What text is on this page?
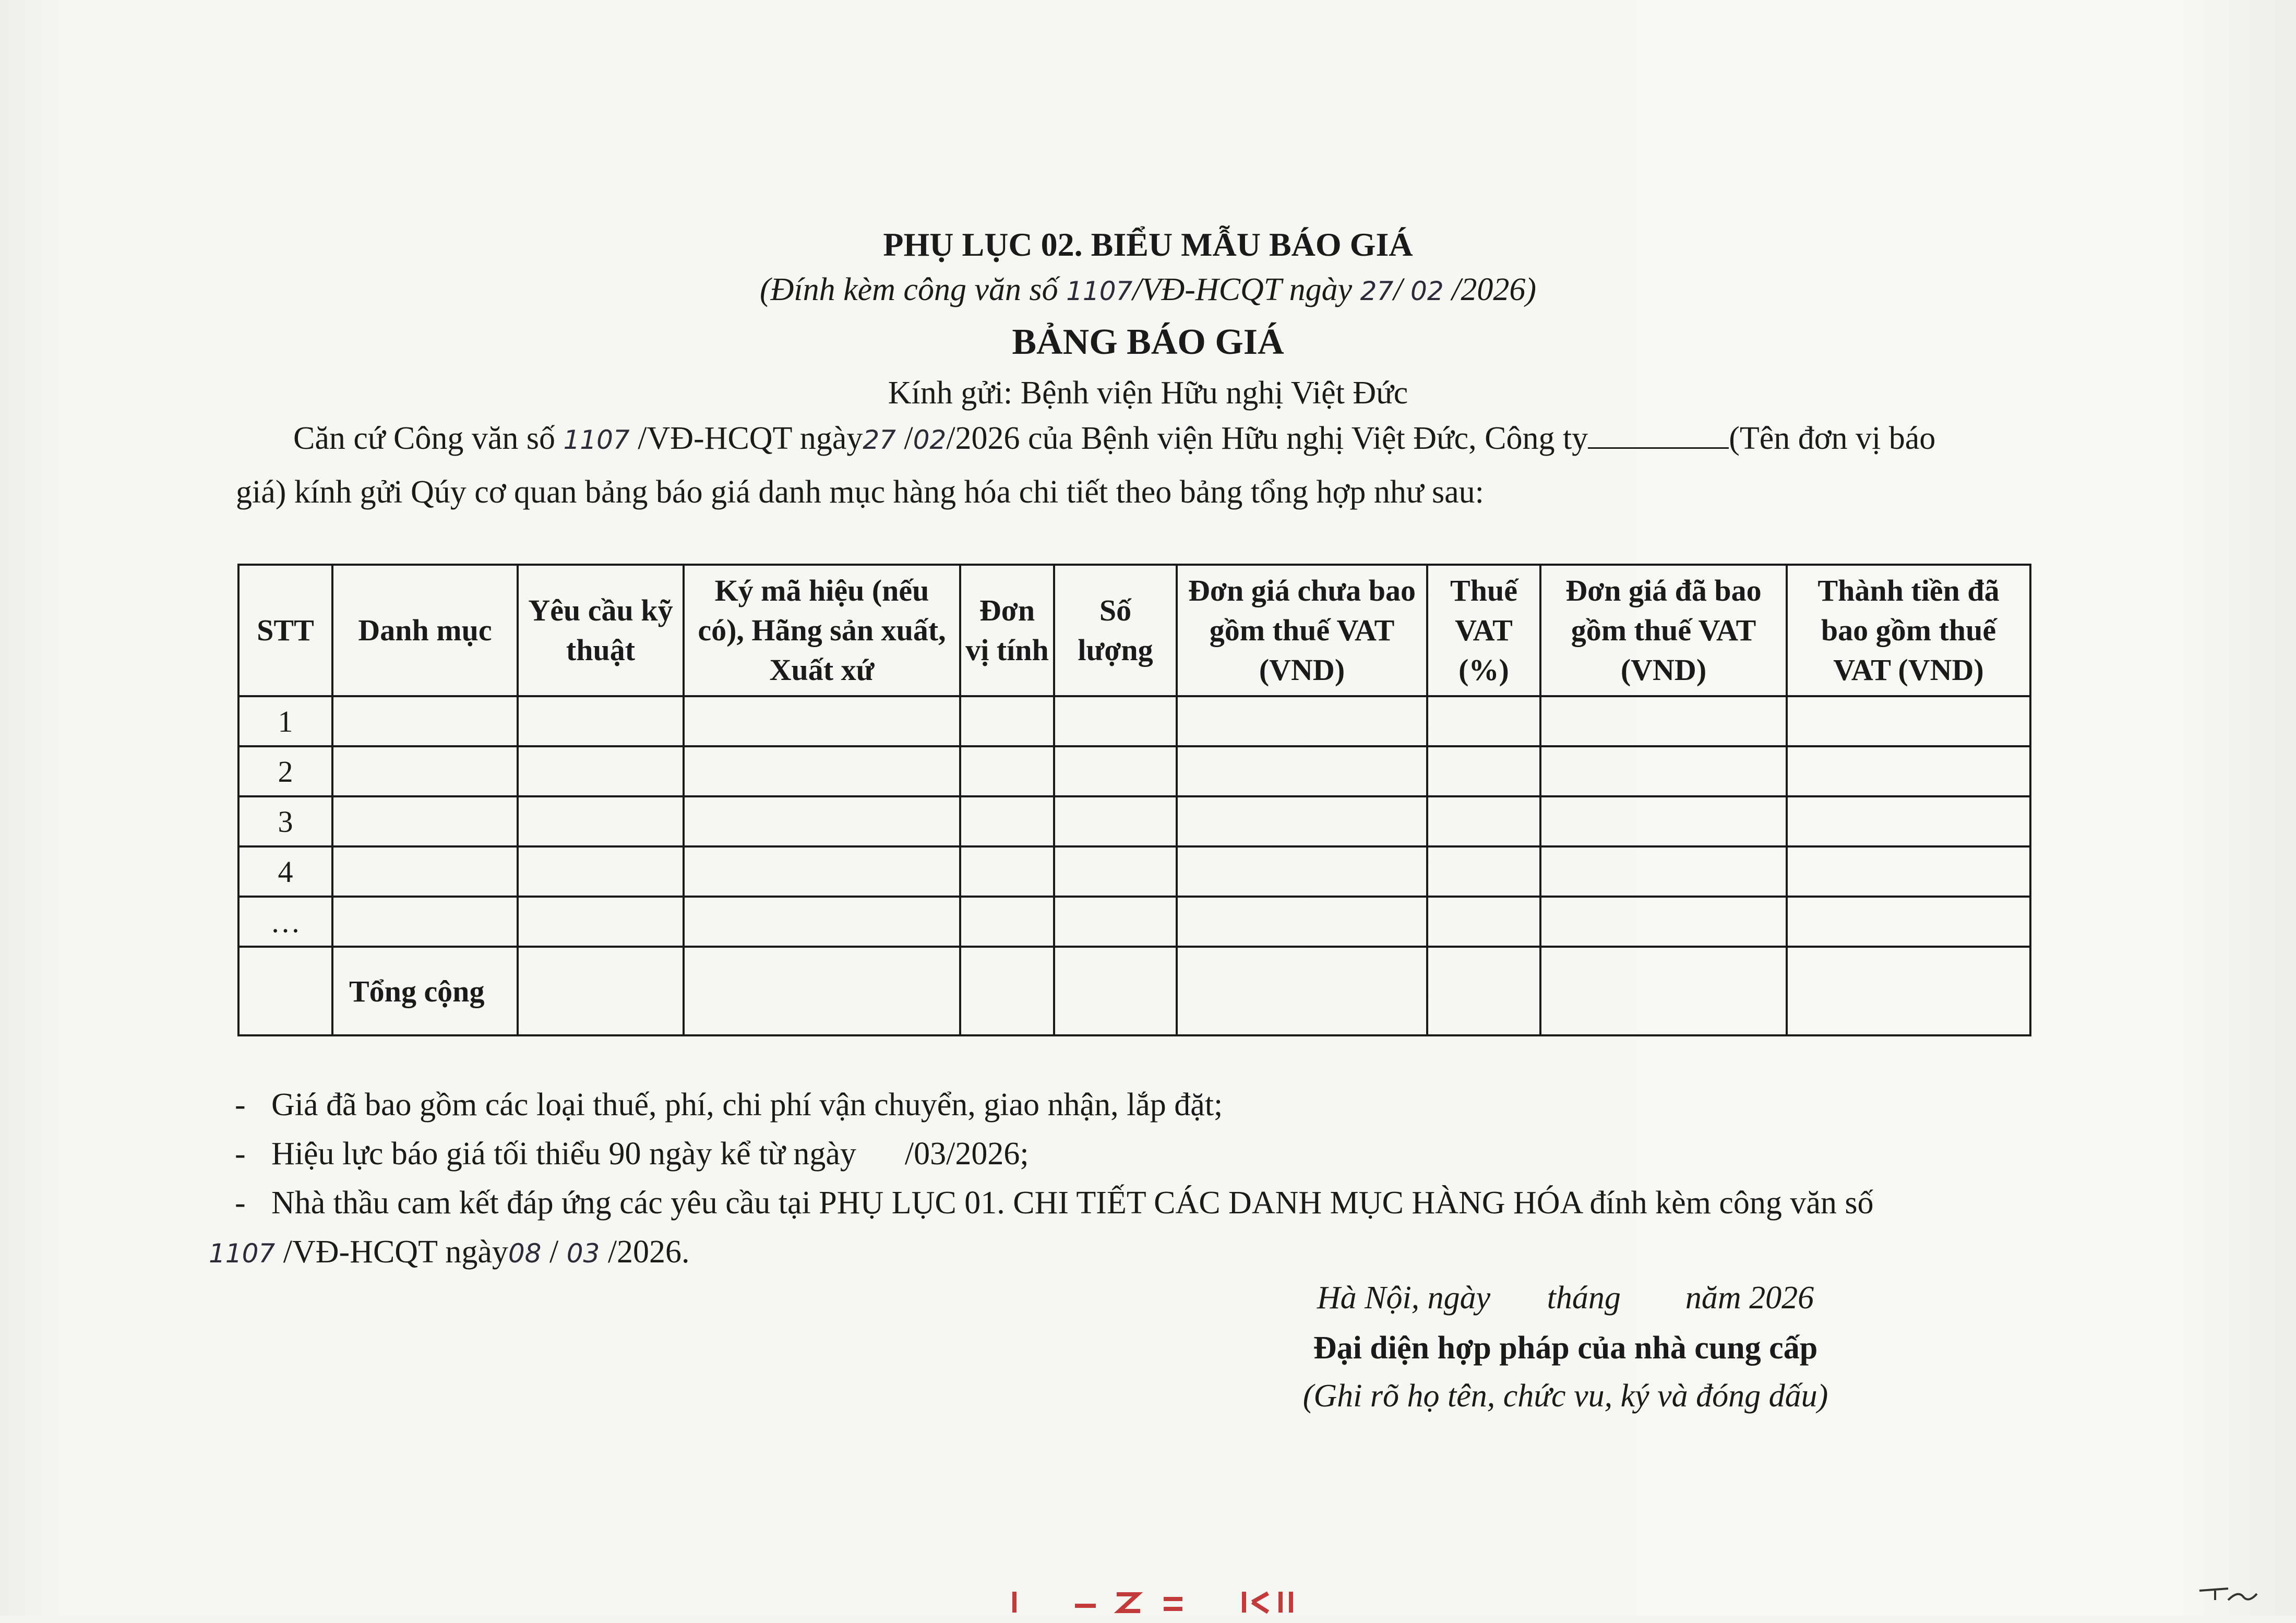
PHỤ LỤC 02. BIỂU MẪU BÁO GIÁ
(Đính kèm công văn số 1107/VĐ-HCQT ngày 27/ 02 /2026)
BẢNG BÁO GIÁ
Kính gửi: Bệnh viện Hữu nghị Việt Đức
Căn cứ Công văn số 1107 /VĐ-HCQT ngày27 /02/2026 của Bệnh viện Hữu nghị Việt Đức, Công ty	(Tên đơn vị báo
giá) kính gửi Qúy cơ quan bảng báo giá danh mục hàng hóa chi tiết theo bảng tổng hợp như sau:
STT	Danh mục	Yêu cầu kỹ thuật	Ký mã hiệu (nếu có), Hãng sản xuất, Xuất xứ	Đơn vị tính	Số lượng	Đơn giá chưa bao gồm thuế VAT (VND)	Thuế VAT (%)	Đơn giá đã bao gồm thuế VAT (VND)	Thành tiền đã bao gồm thuế VAT (VND)
1									
2									
3									
4									
…									
	Tổng cộng								
- Giá đã bao gồm các loại thuế, phí, chi phí vận chuyển, giao nhận, lắp đặt;
- Hiệu lực báo giá tối thiểu 90 ngày kể từ ngày      /03/2026;
- Nhà thầu cam kết đáp ứng các yêu cầu tại PHỤ LỤC 01. CHI TIẾT CÁC DANH MỤC HÀNG HÓA đính kèm công văn số
1107 /VĐ-HCQT ngày08 / 03 /2026.
Hà Nội, ngày       tháng        năm 2026
Đại diện hợp pháp của nhà cung cấp
(Ghi rõ họ tên, chức vu, ký và đóng dấu)
